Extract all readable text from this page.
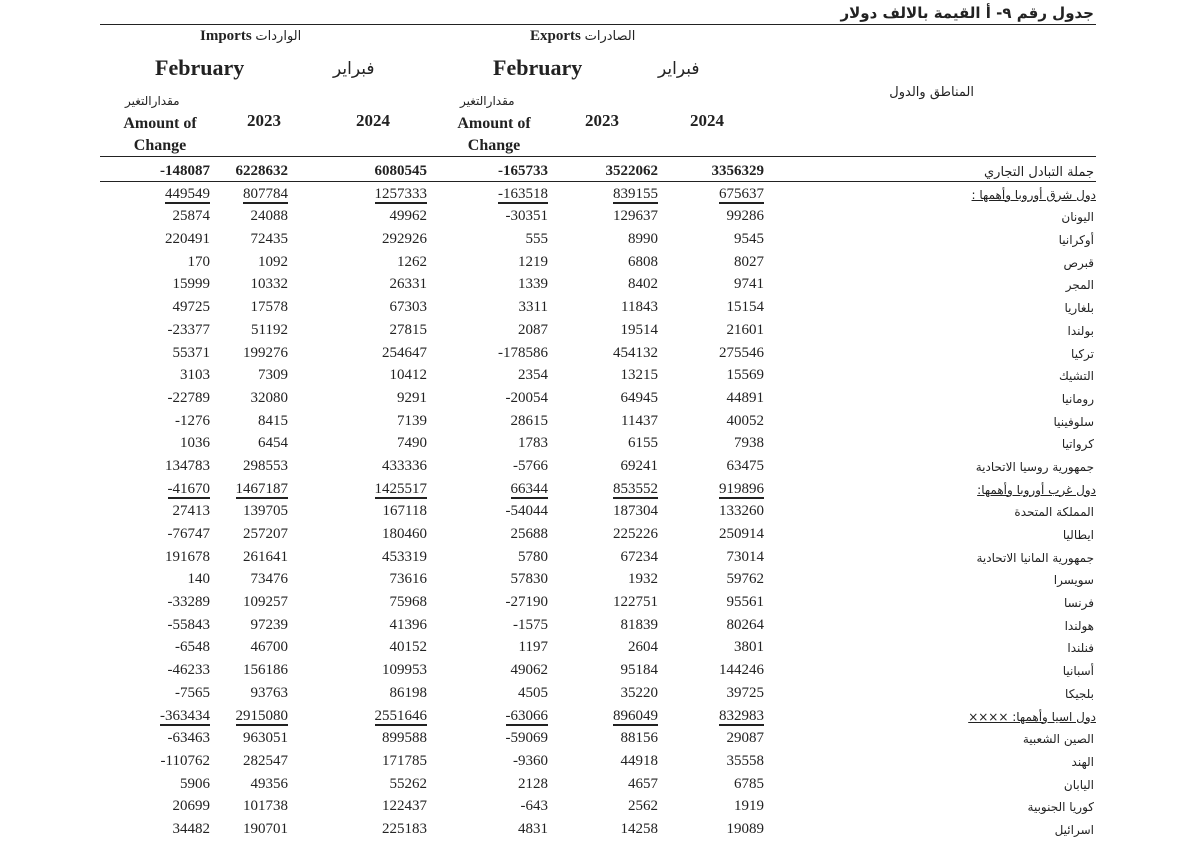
جدول رقم ٩- أ القيمة بالالف دولار
Imports الواردات	Exports الصادرات
February	فبراير	February	فبراير
المناطق والدول
مقدارالتغير
Amount of Change
2023	2024
مقدارالتغير
Amount of Change
2023	2024
-148087	6228632	6080545	-165733	3522062	3356329	جملة التبادل التجاري
449549	807784	1257333	-163518	839155	675637	دول شرق أوروبا وأهمها :
25874	24088	49962	-30351	129637	99286	اليونان
220491	72435	292926	555	8990	9545	أوكرانيا
170	1092	1262	1219	6808	8027	قبرص
15999	10332	26331	1339	8402	9741	المجر
49725	17578	67303	3311	11843	15154	بلغاريا
-23377	51192	27815	2087	19514	21601	بولندا
55371	199276	254647	-178586	454132	275546	تركيا
3103	7309	10412	2354	13215	15569	التشيك
-22789	32080	9291	-20054	64945	44891	رومانيا
-1276	8415	7139	28615	11437	40052	سلوفينيا
1036	6454	7490	1783	6155	7938	كرواتيا
134783	298553	433336	-5766	69241	63475	جمهورية روسيا الاتحادية
-41670	1467187	1425517	66344	853552	919896	دول غرب أوروبا وأهمها:
27413	139705	167118	-54044	187304	133260	المملكة المتحدة
-76747	257207	180460	25688	225226	250914	ايطاليا
191678	261641	453319	5780	67234	73014	جمهورية المانيا الاتحادية
140	73476	73616	57830	1932	59762	سويسرا
-33289	109257	75968	-27190	122751	95561	فرنسا
-55843	97239	41396	-1575	81839	80264	هولندا
-6548	46700	40152	1197	2604	3801	فنلندا
-46233	156186	109953	49062	95184	144246	أسبانيا
-7565	93763	86198	4505	35220	39725	بلجيكا
-363434	2915080	2551646	-63066	896049	832983	دول اسيا وأهمها: ××××
-63463	963051	899588	-59069	88156	29087	الصين الشعبية
-110762	282547	171785	-9360	44918	35558	الهند
5906	49356	55262	2128	4657	6785	اليابان
20699	101738	122437	-643	2562	1919	كوريا الجنوبية
34482	190701	225183	4831	14258	19089	اسرائيل
